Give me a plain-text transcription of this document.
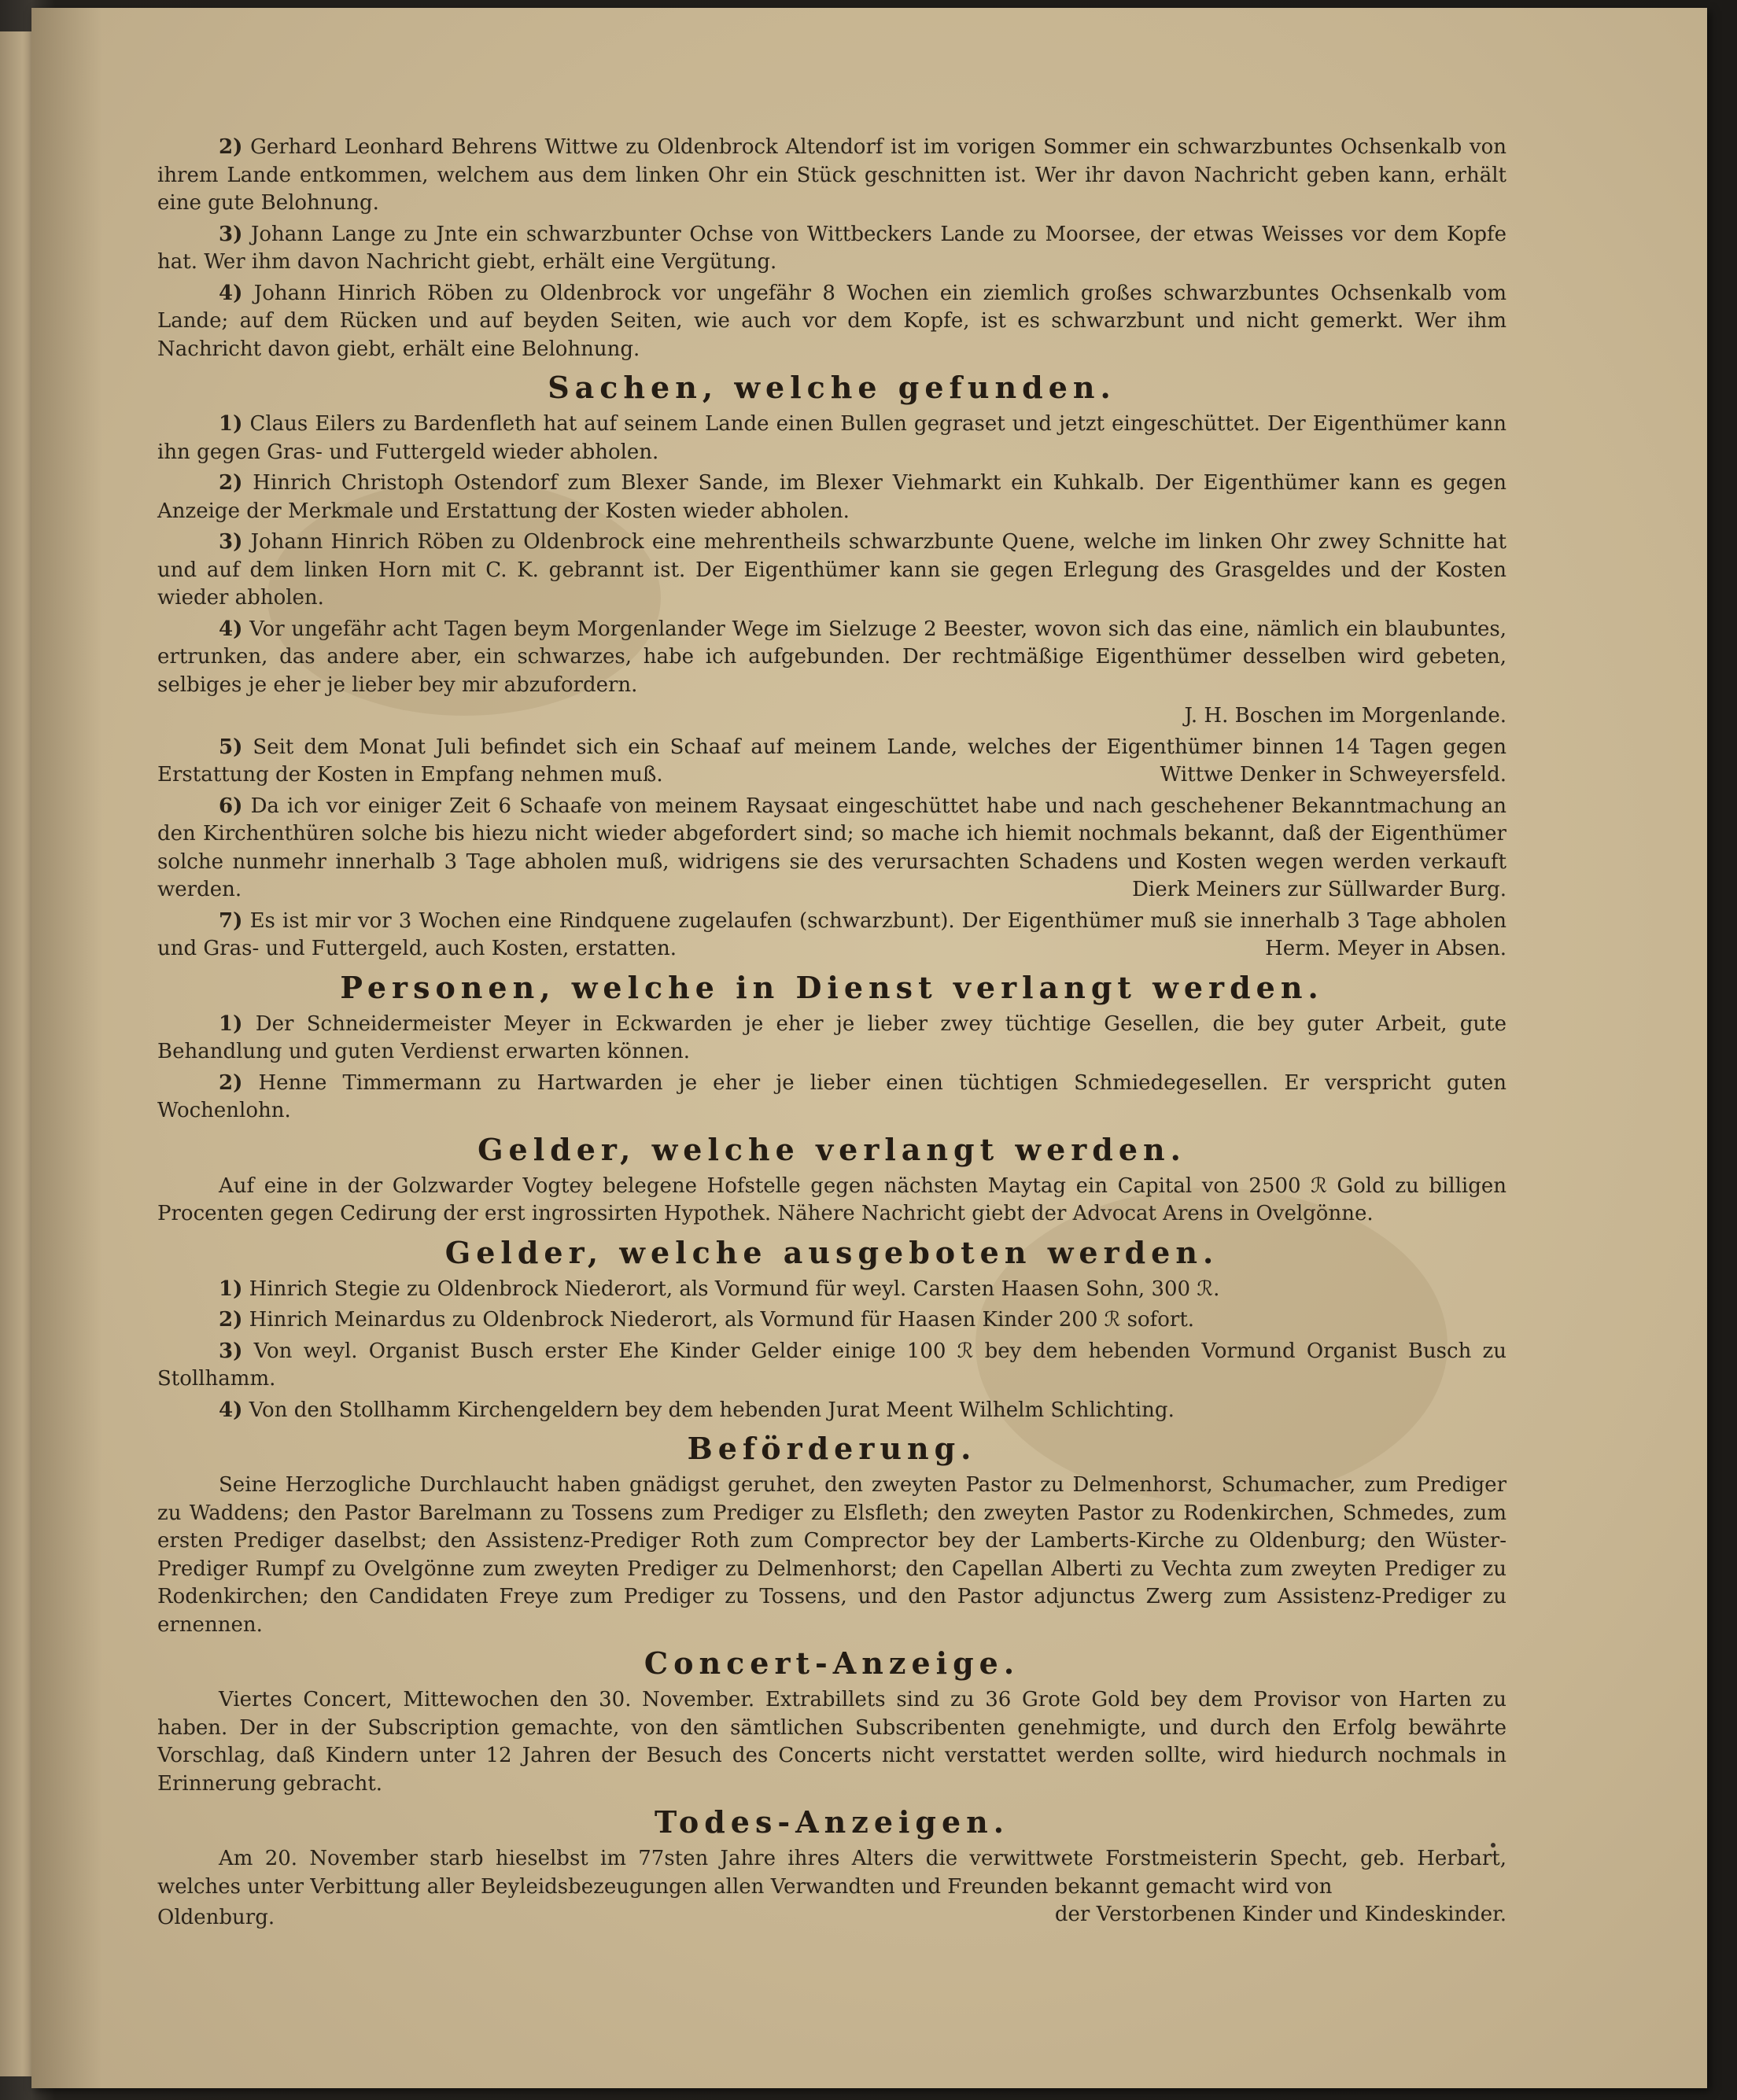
2) Gerhard Leonhard Behrens Wittwe zu Oldenbrock Altendorf ist im vorigen Sommer ein schwarzbuntes Ochsenkalb von ihrem Lande entkommen, welchem aus dem linken Ohr ein Stück geschnitten ist. Wer ihr davon Nachricht geben kann, erhält eine gute Belohnung.

3) Johann Lange zu Jnte ein schwarzbunter Ochse von Wittbeckers Lande zu Moorsee, der etwas Weisses vor dem Kopfe hat. Wer ihm davon Nachricht giebt, erhält eine Vergütung.

4) Johann Hinrich Röben zu Oldenbrock vor ungefähr 8 Wochen ein ziemlich großes schwarzbuntes Ochsenkalb vom Lande; auf dem Rücken und auf beyden Seiten, wie auch vor dem Kopfe, ist es schwarzbunt und nicht gemerkt. Wer ihm Nachricht davon giebt, erhält eine Belohnung.

Sachen, welche gefunden.

1) Claus Eilers zu Bardenfleth hat auf seinem Lande einen Bullen gegraset und jetzt eingeschüttet. Der Eigenthümer kann ihn gegen Gras- und Futtergeld wieder abholen.

2) Hinrich Christoph Ostendorf zum Blexer Sande, im Blexer Viehmarkt ein Kuhkalb. Der Eigenthümer kann es gegen Anzeige der Merkmale und Erstattung der Kosten wieder abholen.

3) Johann Hinrich Röben zu Oldenbrock eine mehrentheils schwarzbunte Quene, welche im linken Ohr zwey Schnitte hat und auf dem linken Horn mit C. K. gebrannt ist. Der Eigenthümer kann sie gegen Erlegung des Grasgeldes und der Kosten wieder abholen.

4) Vor ungefähr acht Tagen beym Morgenlander Wege im Sielzuge 2 Beester, wovon sich das eine, nämlich ein blaubuntes, ertrunken, das andere aber, ein schwarzes, habe ich aufgebunden. Der rechtmäßige Eigenthümer desselben wird gebeten, selbiges je eher je lieber bey mir abzufordern.

J. H. Boschen im Morgenlande.

5) Seit dem Monat Juli befindet sich ein Schaaf auf meinem Lande, welches der Eigenthümer binnen 14 Tagen gegen Erstattung der Kosten in Empfang nehmen muß.	Wittwe Denker in Schweyersfeld.

6) Da ich vor einiger Zeit 6 Schaafe von meinem Raysaat eingeschüttet habe und nach geschehener Bekanntmachung an den Kirchenthüren solche bis hiezu nicht wieder abgefordert sind; so mache ich hiemit nochmals bekannt, daß der Eigenthümer solche nunmehr innerhalb 3 Tage abholen muß, widrigens sie des verursachten Schadens und Kosten wegen werden verkauft werden.	Dierk Meiners zur Süllwarder Burg.

7) Es ist mir vor 3 Wochen eine Rindquene zugelaufen (schwarzbunt). Der Eigenthümer muß sie innerhalb 3 Tage abholen und Gras- und Futtergeld, auch Kosten, erstatten.	Herm. Meyer in Absen.

Personen, welche in Dienst verlangt werden.

1) Der Schneidermeister Meyer in Eckwarden je eher je lieber zwey tüchtige Gesellen, die bey guter Arbeit, gute Behandlung und guten Verdienst erwarten können.

2) Henne Timmermann zu Hartwarden je eher je lieber einen tüchtigen Schmiedegesellen. Er verspricht guten Wochenlohn.

Gelder, welche verlangt werden.

Auf eine in der Golzwarder Vogtey belegene Hofstelle gegen nächsten Maytag ein Capital von 2500 ℛ Gold zu billigen Procenten gegen Cedirung der erst ingrossirten Hypothek. Nähere Nachricht giebt der Advocat Arens in Ovelgönne.

Gelder, welche ausgeboten werden.

1) Hinrich Stegie zu Oldenbrock Niederort, als Vormund für weyl. Carsten Haasen Sohn, 300 ℛ.

2) Hinrich Meinardus zu Oldenbrock Niederort, als Vormund für Haasen Kinder 200 ℛ sofort.

3) Von weyl. Organist Busch erster Ehe Kinder Gelder einige 100 ℛ bey dem hebenden Vormund Organist Busch zu Stollhamm.

4) Von den Stollhamm Kirchengeldern bey dem hebenden Jurat Meent Wilhelm Schlichting.

Beförderung.

Seine Herzogliche Durchlaucht haben gnädigst geruhet, den zweyten Pastor zu Delmenhorst, Schumacher, zum Prediger zu Waddens; den Pastor Barelmann zu Tossens zum Prediger zu Elsfleth; den zweyten Pastor zu Rodenkirchen, Schmedes, zum ersten Prediger daselbst; den Assistenz-Prediger Roth zum Comprector bey der Lamberts-Kirche zu Oldenburg; den Wüster-Prediger Rumpf zu Ovelgönne zum zweyten Prediger zu Delmenhorst; den Capellan Alberti zu Vechta zum zweyten Prediger zu Rodenkirchen; den Candidaten Freye zum Prediger zu Tossens, und den Pastor adjunctus Zwerg zum Assistenz-Prediger zu ernennen.

Concert-Anzeige.

Viertes Concert, Mittewochen den 30. November. Extrabillets sind zu 36 Grote Gold bey dem Provisor von Harten zu haben. Der in der Subscription gemachte, von den sämtlichen Subscribenten genehmigte, und durch den Erfolg bewährte Vorschlag, daß Kindern unter 12 Jahren der Besuch des Concerts nicht verstattet werden sollte, wird hiedurch nochmals in Erinnerung gebracht.

Todes-Anzeigen.

Am 20. November starb hieselbst im 77sten Jahre ihres Alters die verwittwete Forstmeisterin Specht, geb. Herbart, welches unter Verbittung aller Beyleidsbezeugungen allen Verwandten und Freunden bekannt gemacht wird von
der Verstorbenen Kinder und Kindeskinder.

Oldenburg.
